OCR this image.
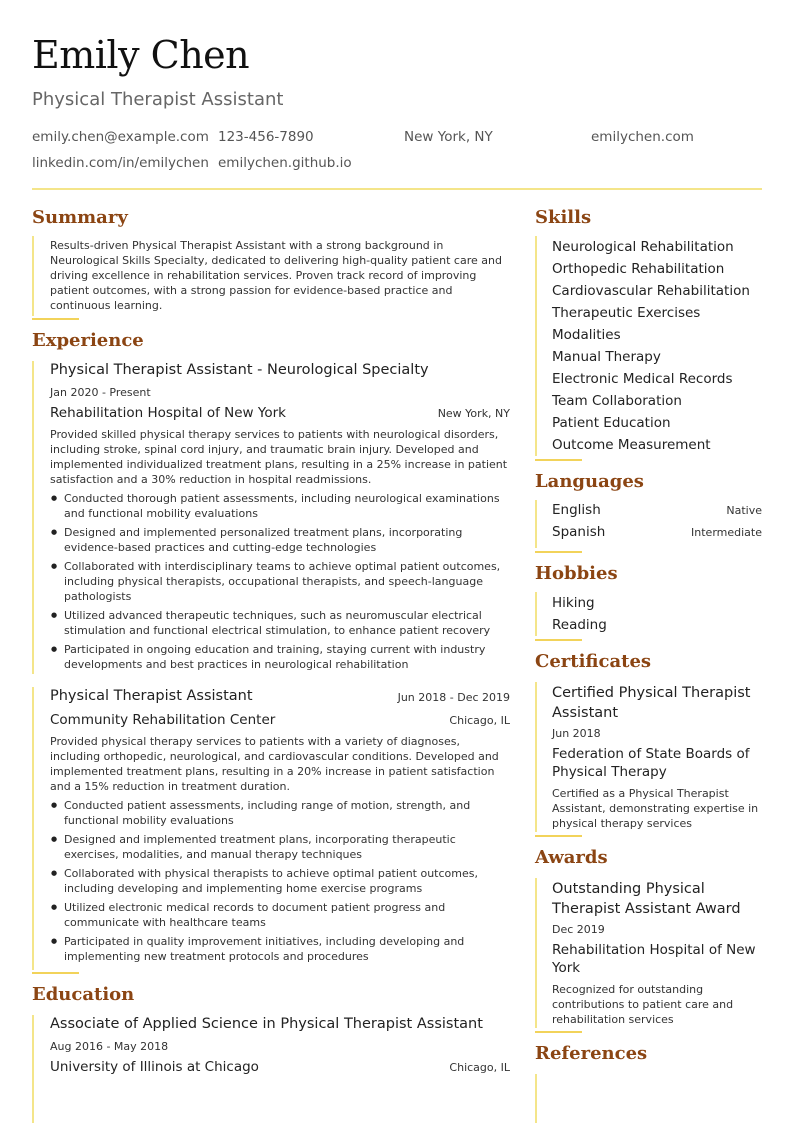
Emily Chen
Physical Therapist Assistant
emily.chen@example.com 123-456-7890	New York, NY	emilychen.com
linkedin.com/in/emilychen emilychen.github.io
Summary
Results-driven Physical Therapist Assistant with a strong background in Neurological Skills Specialty, dedicated to delivering high-quality patient care and driving excellence in rehabilitation services. Proven track record of improving patient outcomes, with a strong passion for evidence-based practice and continuous learning.
Experience
Physical Therapist Assistant - Neurological Specialty
Jan 2020 - Present
Rehabilitation Hospital of New York	New York, NY
Provided skilled physical therapy services to patients with neurological disorders, including stroke, spinal cord injury, and traumatic brain injury. Developed and implemented individualized treatment plans, resulting in a 25% increase in patient satisfaction and a 30% reduction in hospital readmissions.
● Conducted thorough patient assessments, including neurological examinations and functional mobility evaluations
● Designed and implemented personalized treatment plans, incorporating evidence-based practices and cutting-edge technologies
● Collaborated with interdisciplinary teams to achieve optimal patient outcomes, including physical therapists, occupational therapists, and speech-language pathologists
● Utilized advanced therapeutic techniques, such as neuromuscular electrical stimulation and functional electrical stimulation, to enhance patient recovery
● Participated in ongoing education and training, staying current with industry developments and best practices in neurological rehabilitation
Physical Therapist Assistant	Jun 2018 - Dec 2019
Community Rehabilitation Center	Chicago, IL
Provided physical therapy services to patients with a variety of diagnoses, including orthopedic, neurological, and cardiovascular conditions. Developed and implemented treatment plans, resulting in a 20% increase in patient satisfaction and a 15% reduction in treatment duration.
● Conducted patient assessments, including range of motion, strength, and functional mobility evaluations
● Designed and implemented treatment plans, incorporating therapeutic exercises, modalities, and manual therapy techniques
● Collaborated with physical therapists to achieve optimal patient outcomes, including developing and implementing home exercise programs
● Utilized electronic medical records to document patient progress and communicate with healthcare teams
● Participated in quality improvement initiatives, including developing and implementing new treatment protocols and procedures
Education
Associate of Applied Science in Physical Therapist Assistant
Aug 2016 - May 2018
University of Illinois at Chicago	Chicago, IL
Skills
Neurological Rehabilitation
Orthopedic Rehabilitation
Cardiovascular Rehabilitation
Therapeutic Exercises
Modalities
Manual Therapy
Electronic Medical Records
Team Collaboration
Patient Education
Outcome Measurement
Languages
English	Native
Spanish	Intermediate
Hobbies
Hiking
Reading
Certificates
Certified Physical Therapist Assistant
Jun 2018
Federation of State Boards of Physical Therapy
Certified as a Physical Therapist Assistant, demonstrating expertise in physical therapy services
Awards
Outstanding Physical Therapist Assistant Award
Dec 2019
Rehabilitation Hospital of New York
Recognized for outstanding contributions to patient care and rehabilitation services
References
